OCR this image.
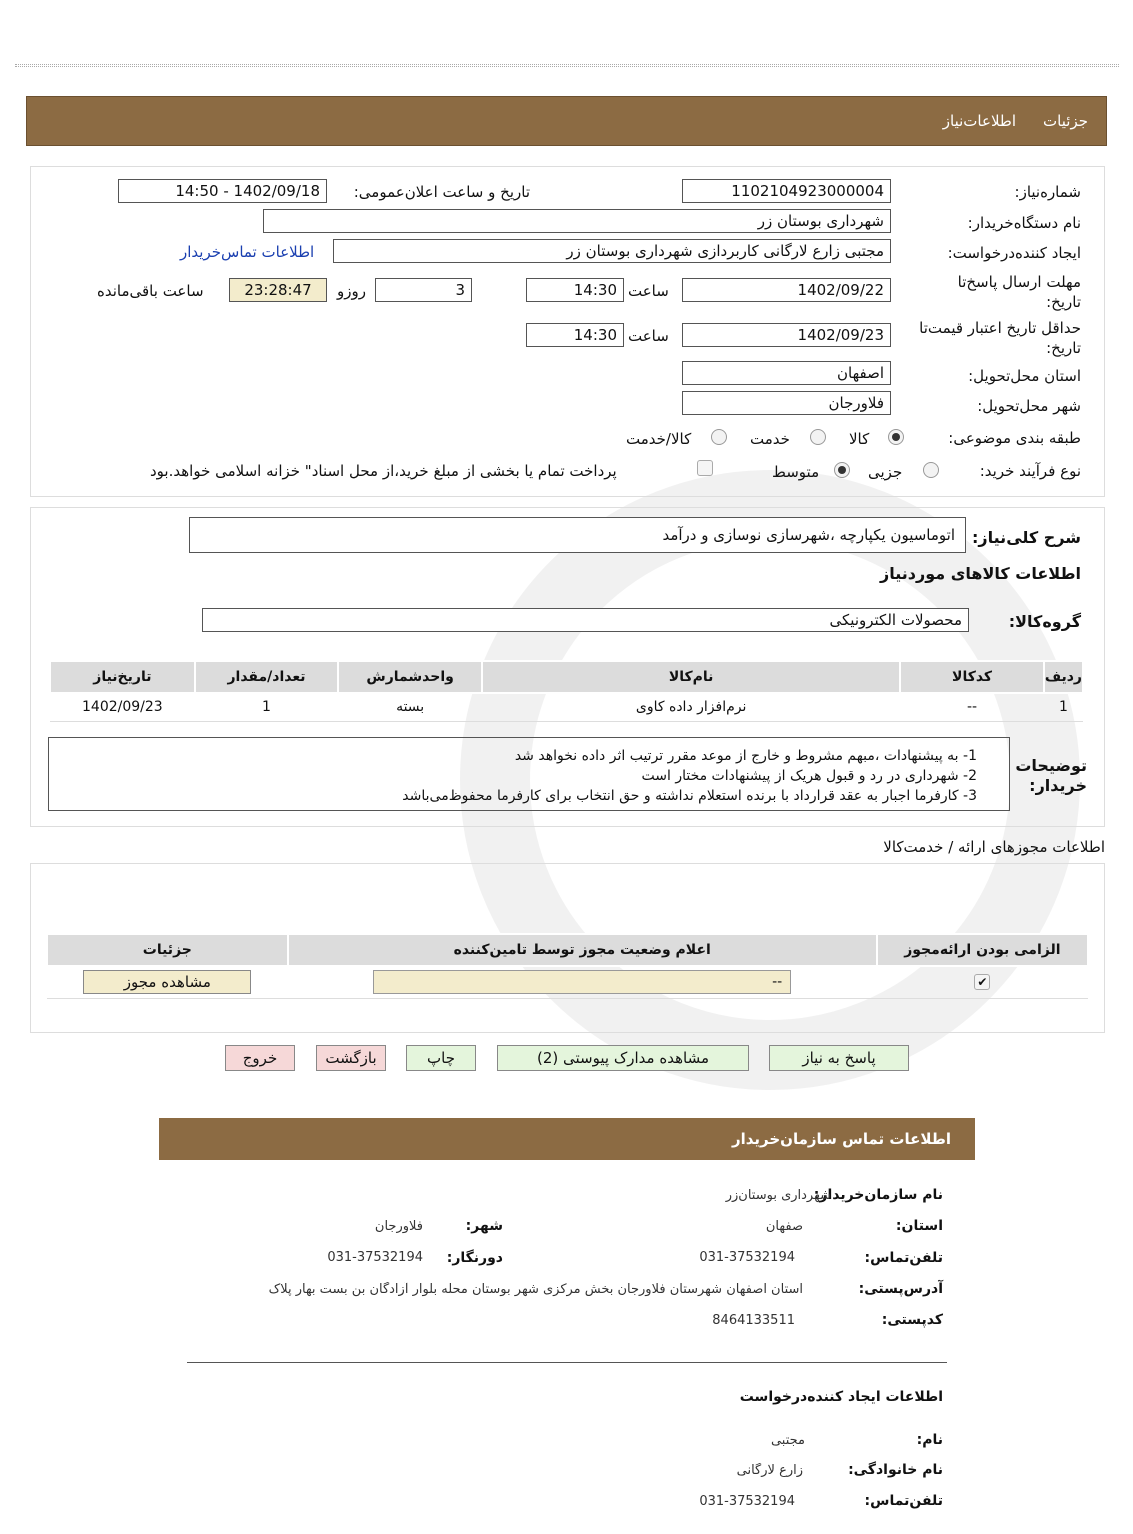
جزئیات
اطلاعات‌نیاز
شماره‌نیاز:
1102104923000004
تاریخ و ساعت اعلان‌عمومی:
1402/09/18 - 14:50
نام دستگاه‌خریدار:
شهرداری بوستان زر
ایجاد کننده‌درخواست:
مجتبی زارع لارگانی کاربردازی شهرداری بوستان زر
اطلاعات تماس‌خریدار
مهلت ارسال پاسخ‌تا
تاریخ:
1402/09/22
ساعت
14:30
3
روز‌و
23:28:47
ساعت باقی‌مانده
حداقل تاریخ اعتبار قیمت‌تا
تاریخ:
1402/09/23
ساعت
14:30
استان محل‌تحویل:
اصفهان
شهر محل‌تحویل:
فلاورجان
طبقه بندی موضوعی:
کالا
خدمت
کالا/خدمت
نوع فرآیند خرید:
جزیی
متوسط
پرداخت تمام یا بخشی از مبلغ خرید،از محل اسناد" خزانه اسلامی خواهد.بود
شرح کلی‌نیاز:
اتوماسیون یکپارچه ،شهرسازی نوسازی و درآمد
اطلاعات کالاهای موردنیاز
گروه‌کالا:
محصولات الکترونیکی
ردیف	کدکالا	نام‌کالا	واحدشمارش	تعداد/مقدار	تاریخ‌نیاز
1	--	نرم‌افزار داده کاوی	بسته	1	1402/09/23
توضیحات
خریدار:
1- به پیشنهادات ،مبهم مشروط و خارج از موعد مقرر ترتیب اثر داده نخواهد شد
2- شهرداری در رد و قبول هریک از پیشنهادات مختار است
3- کارفرما اجبار به عقد قرارداد با برنده استعلام نداشته و حق انتخاب برای کارفرما محفوظ‌می‌باشد
اطلاعات مجوزهای ارائه / خدمت‌کالا
الزامی بودن ارائه‌مجوز	اعلام وضعیت مجوز توسط تامین‌کننده	جزئیات
✔	--	مشاهده مجوز
پاسخ به نیاز
مشاهده مدارک پیوستی (2)
چاپ
بازگشت
خروج
اطلاعات تماس سازمان‌خریدار
نام سازمان‌خریدار:
شهرداری بوستان‌زر
استان:
صفهان
شهر:
فلاورجان
تلفن‌تماس:
031-37532194
دورنگار:
031-37532194
آدرس‌پستی:
استان اصفهان شهرستان فلاورجان بخش مرکزی شهر بوستان محله بلوار آزادگان بن بست بهار پلاک
کدپستی:
8464133511
اطلاعات ایجاد کننده‌درخواست
نام:
مجتبی
نام خانوادگی:
زارع لارگانی
تلفن‌تماس:
031-37532194
